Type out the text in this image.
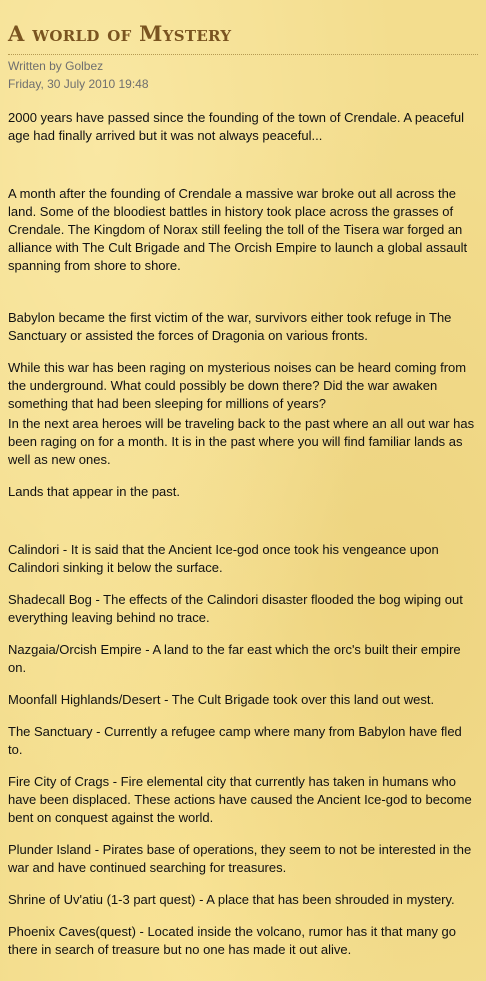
A world of Mystery
Written by Golbez
Friday, 30 July 2010 19:48

2000 years have passed since the founding of the town of Crendale. A peaceful age had finally arrived but it was not always peaceful...

A month after the founding of Crendale a massive war broke out all across the land. Some of the bloodiest battles in history took place across the grasses of Crendale. The Kingdom of Norax still feeling the toll of the Tisera war forged an alliance with The Cult Brigade and The Orcish Empire to launch a global assault spanning from shore to shore.

Babylon became the first victim of the war, survivors either took refuge in The Sanctuary or assisted the forces of Dragonia on various fronts.

While this war has been raging on mysterious noises can be heard coming from the underground. What could possibly be down there? Did the war awaken something that had been sleeping for millions of years?

In the next area heroes will be traveling back to the past where an all out war has been raging on for a month. It is in the past where you will find familiar lands as well as new ones.

Lands that appear in the past.

Calindori - It is said that the Ancient Ice-god once took his vengeance upon Calindori sinking it below the surface.

Shadecall Bog - The effects of the Calindori disaster flooded the bog wiping out everything leaving behind no trace.

Nazgaia/Orcish Empire - A land to the far east which the orc's built their empire on.

Moonfall Highlands/Desert - The Cult Brigade took over this land out west.

The Sanctuary - Currently a refugee camp where many from Babylon have fled to.

Fire City of Crags - Fire elemental city that currently has taken in humans who have been displaced. These actions have caused the Ancient Ice-god to become bent on conquest against the world.

Plunder Island - Pirates base of operations, they seem to not be interested in the war and have continued searching for treasures.

Shrine of Uv'atiu (1-3 part quest) - A place that has been shrouded in mystery.

Phoenix Caves(quest) - Located inside the volcano, rumor has it that many go there in search of treasure but no one has made it out alive.
